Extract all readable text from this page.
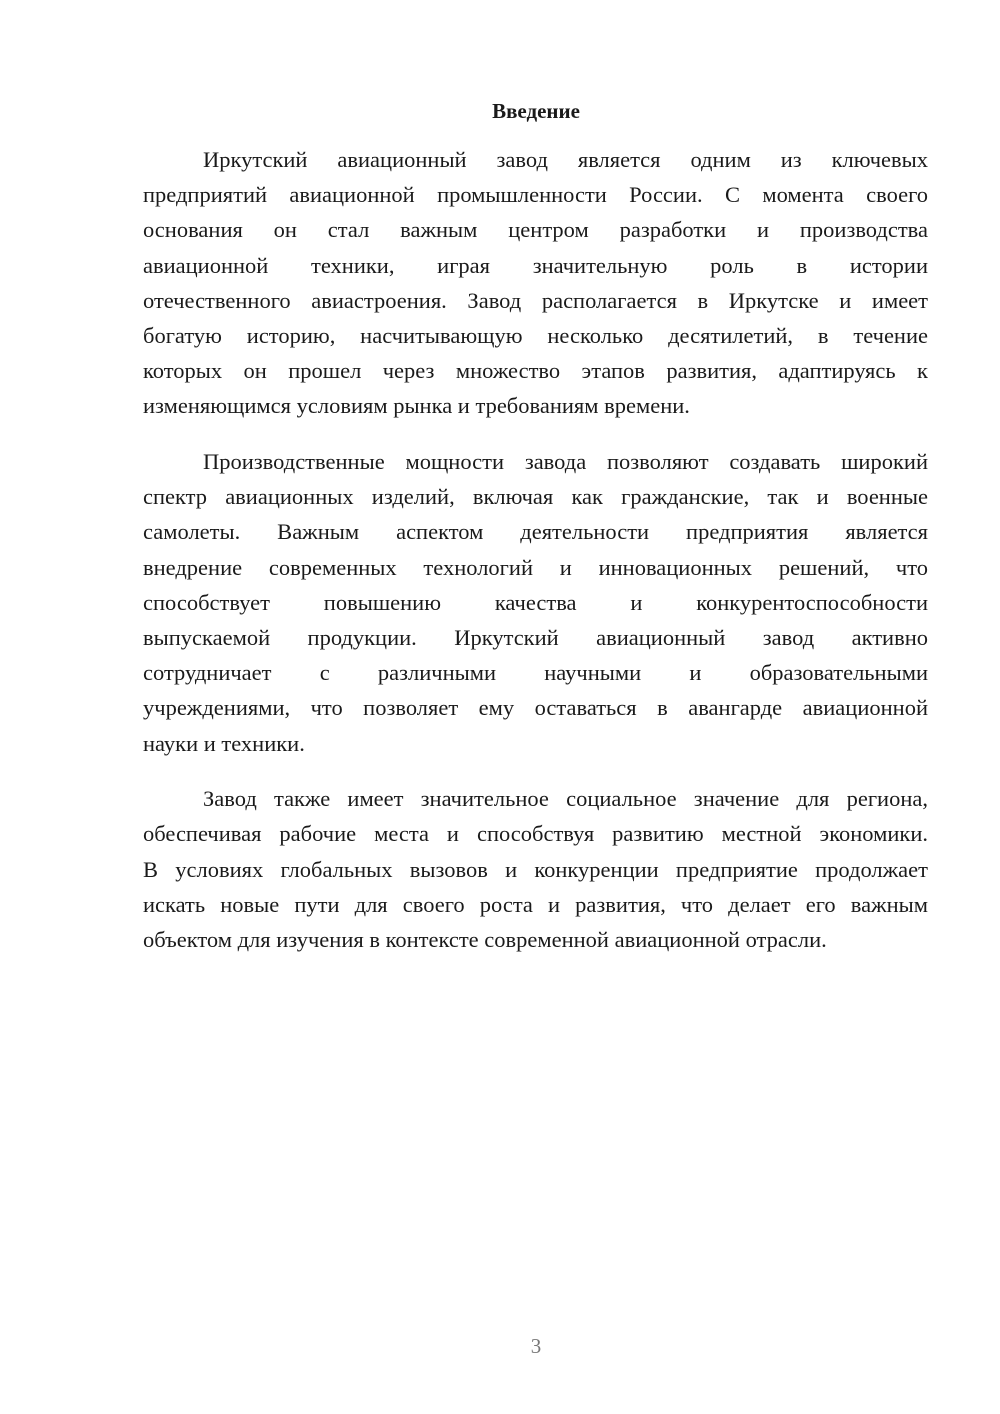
Введение
Иркутский авиационный завод является одним из ключевых
предприятий авиационной промышленности России. С момента своего
основания он стал важным центром разработки и производства
авиационной техники, играя значительную роль в истории
отечественного авиастроения. Завод располагается в Иркутске и имеет
богатую историю, насчитывающую несколько десятилетий, в течение
которых он прошел через множество этапов развития, адаптируясь к
изменяющимся условиям рынка и требованиям времени.
Производственные мощности завода позволяют создавать широкий
спектр авиационных изделий, включая как гражданские, так и военные
самолеты. Важным аспектом деятельности предприятия является
внедрение современных технологий и инновационных решений, что
способствует повышению качества и конкурентоспособности
выпускаемой продукции. Иркутский авиационный завод активно
сотрудничает с различными научными и образовательными
учреждениями, что позволяет ему оставаться в авангарде авиационной
науки и техники.
Завод также имеет значительное социальное значение для региона,
обеспечивая рабочие места и способствуя развитию местной экономики.
В условиях глобальных вызовов и конкуренции предприятие продолжает
искать новые пути для своего роста и развития, что делает его важным
объектом для изучения в контексте современной авиационной отрасли.
3
